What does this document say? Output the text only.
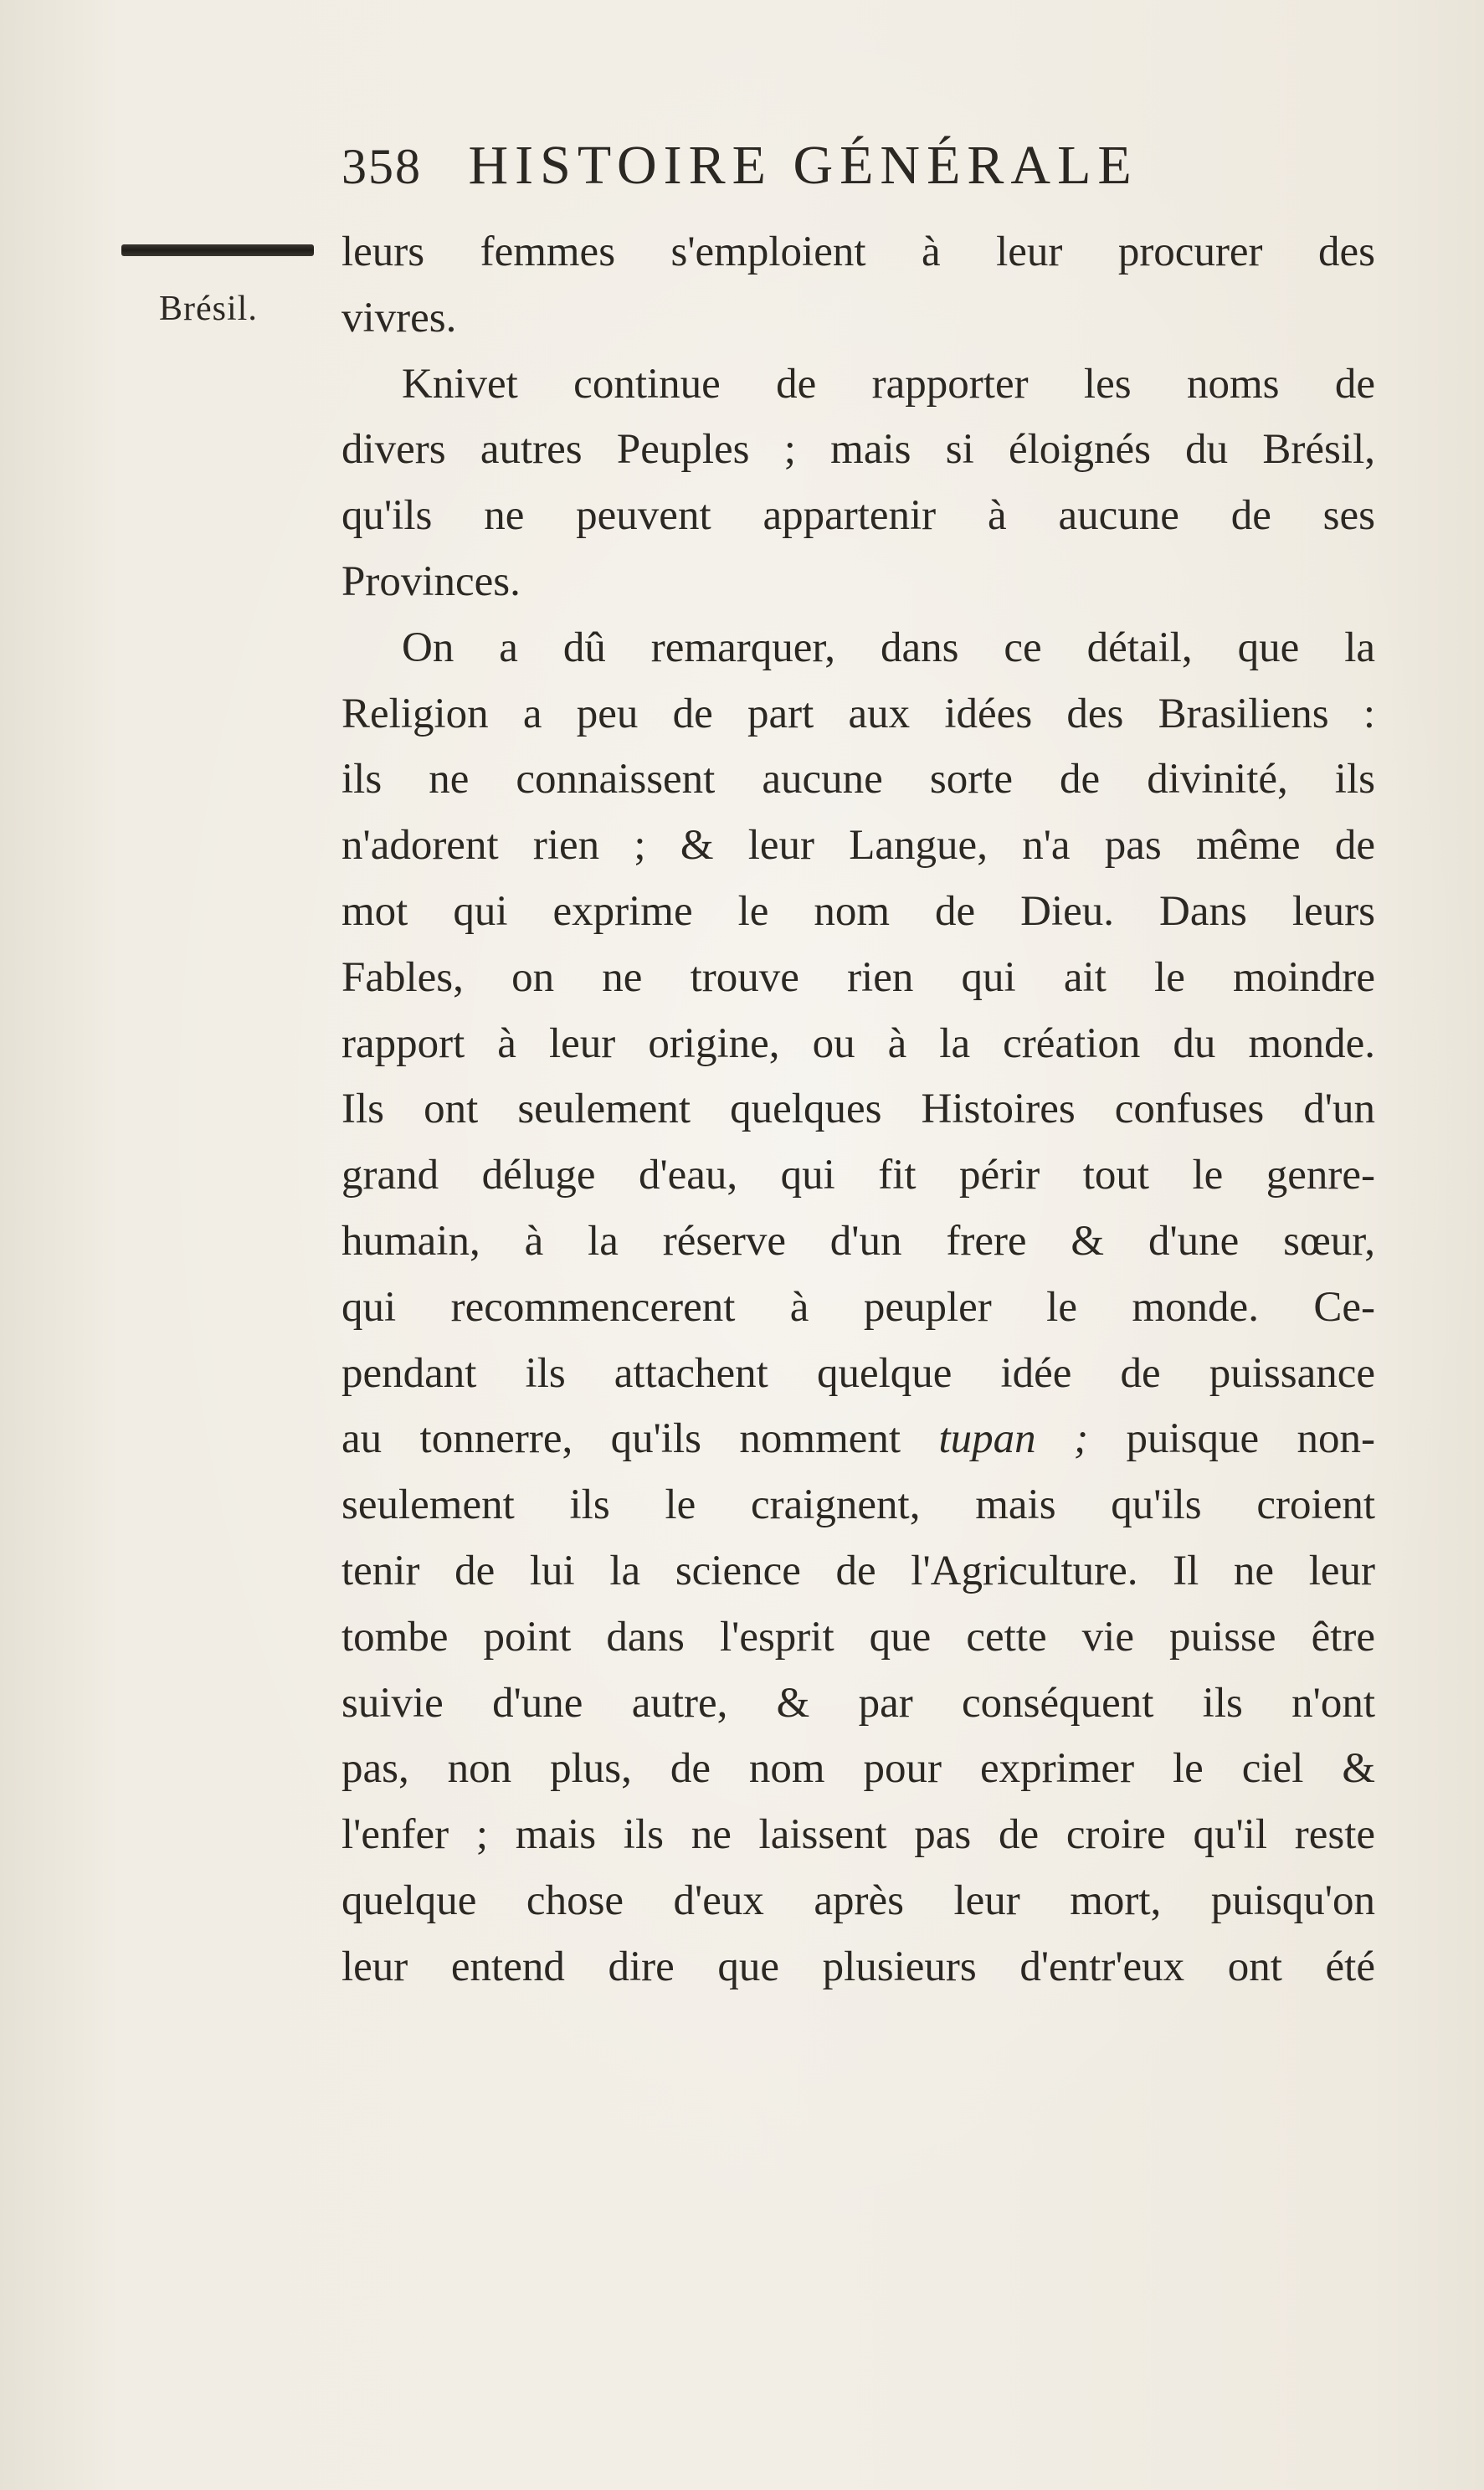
358 HISTOIRE GÉNÉRALE
Brésil.
leurs femmes s'emploient à leur procurer des
vivres.
Knivet continue de rapporter les noms de
divers autres Peuples ; mais si éloignés du Brésil,
qu'ils ne peuvent appartenir à aucune de ses
Provinces.
On a dû remarquer, dans ce détail, que la
Religion a peu de part aux idées des Brasiliens :
ils ne connaissent aucune sorte de divinité, ils
n'adorent rien ; & leur Langue, n'a pas même de
mot qui exprime le nom de Dieu. Dans leurs
Fables, on ne trouve rien qui ait le moindre
rapport à leur origine, ou à la création du monde.
Ils ont seulement quelques Histoires confuses d'un
grand déluge d'eau, qui fit périr tout le genre-
humain, à la réserve d'un frere & d'une sœur,
qui recommencerent à peupler le monde. Ce-
pendant ils attachent quelque idée de puissance
au tonnerre, qu'ils nomment tupan ; puisque non-
seulement ils le craignent, mais qu'ils croient
tenir de lui la science de l'Agriculture. Il ne leur
tombe point dans l'esprit que cette vie puisse être
suivie d'une autre, & par conséquent ils n'ont
pas, non plus, de nom pour exprimer le ciel &
l'enfer ; mais ils ne laissent pas de croire qu'il reste
quelque chose d'eux après leur mort, puisqu'on
leur entend dire que plusieurs d'entr'eux ont été
